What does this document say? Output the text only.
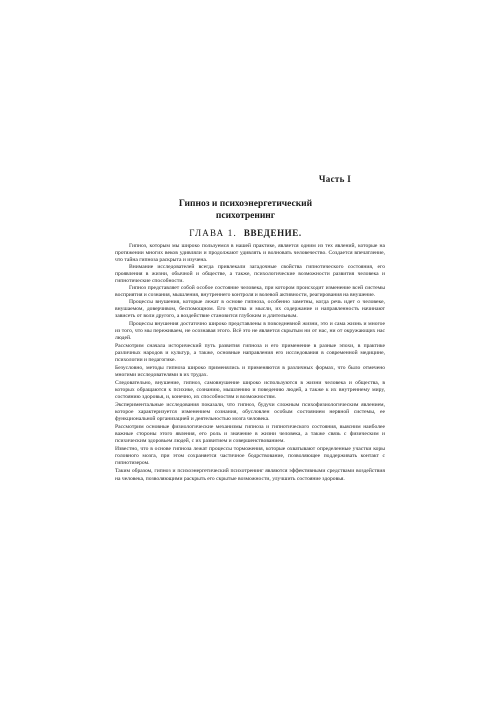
Часть I
Гипноз и психоэнергетический
психотренинг
ГЛАВА 1. ВВЕДЕНИЕ.

Гипноз, которым мы широко пользуемся в нашей практике, является одним из тех явлений, которые на протяжении многих веков удивляли и продолжают удивлять и волновать человечество. Создается впечатление, что тайна гипноза раскрыта и изучена.

Внимание исследователей всегда привлекали загадочные свойства гипнотического состояния, его проявления в жизни, обычной и обществе, а также, психологические возможности развития человека и гипнотические способности.

Гипноз представляет собой особое состояние человека, при котором происходит изменение всей системы восприятия и сознания, мышления, внутреннего контроля и волевой активности, реагирования на внушение.

Процессы внушения, которые лежат в основе гипноза, особенно заметны, когда речь идет о человеке, внушаемом, доверчивом, беспомощном. Его чувства и мысли, их содержание и направленность начинают зависеть от воли другого, а воздействие становится глубоким и длительным.

Процессы внушения достаточно широко представлены в повседневной жизни, это и сама жизнь и многое из того, что мы переживаем, не осознавая этого. Всё это не является скрытым ни от нас, ни от окружающих нас людей.

Рассмотрим сначала исторический путь развития гипноза и его применение в разные эпохи, в практике различных народов и культур, а также, основные направления его исследования в современной медицине, психологии и педагогике.

Безусловно, методы гипноза широко применялись и применяются в различных формах, что было отмечено многими исследователями в их трудах.

Следовательно, внушение, гипноз, самовнушение широко используются в жизни человека и общества, в которых обращаются к психике, сознанию, мышлению и поведению людей, а также к их внутреннему миру, состоянию здоровья, и, конечно, их способностям и возможностям.

Экспериментальные исследования показали, что гипноз, будучи сложным психофизиологическим явлением, которое характеризуется изменением сознания, обусловлен особым состоянием нервной системы, ее функциональной организацией и деятельностью мозга человека.

Рассмотрим основные физиологические механизмы гипноза и гипнотического состояния, выясним наиболее важные стороны этого явления, его роль и значение в жизни человека, а также связь с физическим и психическим здоровьем людей, с их развитием и совершенствованием.

Известно, что в основе гипноза лежат процессы торможения, которые охватывают определенные участки коры головного мозга, при этом сохраняется частичное бодрствование, позволяющее поддерживать контакт с гипнотизером.

Таким образом, гипноз и психоэнергетический психотренинг являются эффективными средствами воздействия на человека, позволяющими раскрыть его скрытые возможности, улучшить состояние здоровья.
